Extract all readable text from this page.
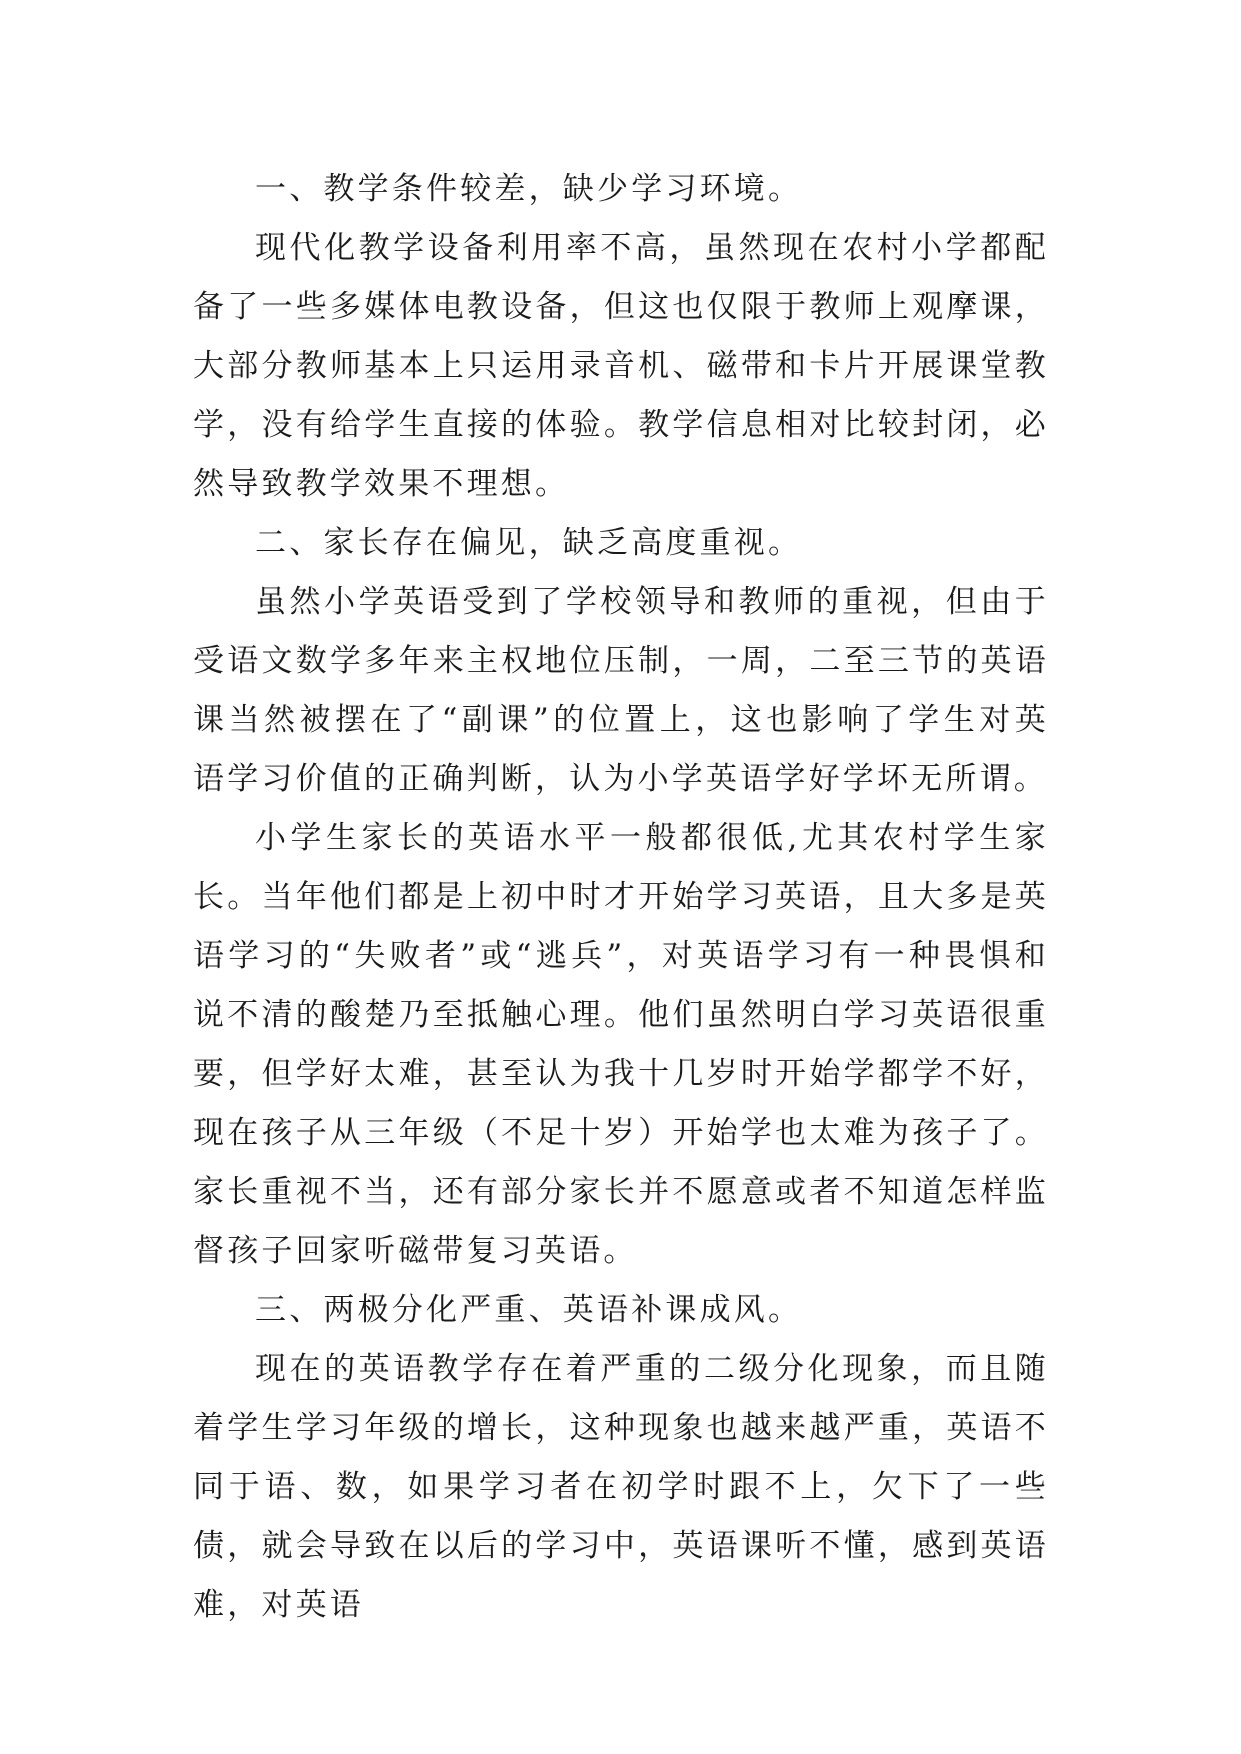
一、教学条件较差，缺少学习环境。

现代化教学设备利用率不高，虽然现在农村小学都配备了一些多媒体电教设备，但这也仅限于教师上观摩课，大部分教师基本上只运用录音机、磁带和卡片开展课堂教学，没有给学生直接的体验。教学信息相对比较封闭，必然导致教学效果不理想。

二、家长存在偏见，缺乏高度重视。

虽然小学英语受到了学校领导和教师的重视，但由于受语文数学多年来主权地位压制，一周，二至三节的英语课当然被摆在了“副课”的位置上，这也影响了学生对英语学习价值的正确判断，认为小学英语学好学坏无所谓。

小学生家长的英语水平一般都很低,尤其农村学生家长。当年他们都是上初中时才开始学习英语，且大多是英语学习的“失败者”或“逃兵”，对英语学习有一种畏惧和说不清的酸楚乃至抵触心理。他们虽然明白学习英语很重要，但学好太难，甚至认为我十几岁时开始学都学不好，现在孩子从三年级（不足十岁）开始学也太难为孩子了。家长重视不当，还有部分家长并不愿意或者不知道怎样监督孩子回家听磁带复习英语。

三、两极分化严重、英语补课成风。

现在的英语教学存在着严重的二级分化现象，而且随着学生学习年级的增长，这种现象也越来越严重，英语不同于语、数，如果学习者在初学时跟不上，欠下了一些债，就会导致在以后的学习中，英语课听不懂，感到英语难，对英语
